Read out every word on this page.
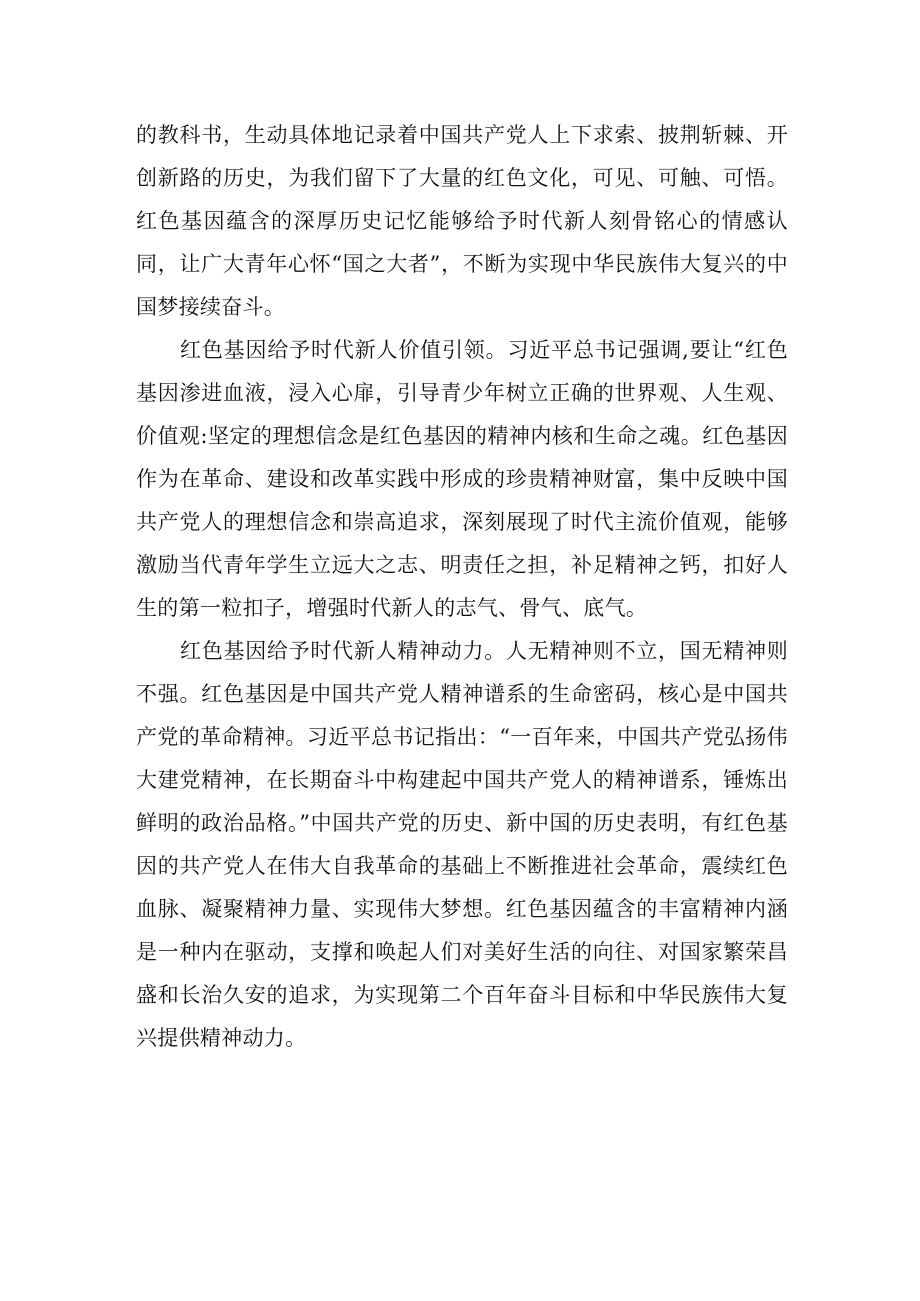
的教科书，生动具体地记录着中国共产党人上下求索、披荆斩棘、开创新路的历史，为我们留下了大量的红色文化，可见、可触、可悟。红色基因蕴含的深厚历史记忆能够给予时代新人刻骨铭心的情感认同，让广大青年心怀“国之大者”，不断为实现中华民族伟大复兴的中国梦接续奋斗。

红色基因给予时代新人价值引领。习近平总书记强调,要让“红色基因渗进血液，浸入心扉，引导青少年树立正确的世界观、人生观、价值观:坚定的理想信念是红色基因的精神内核和生命之魂。红色基因作为在革命、建设和改革实践中形成的珍贵精神财富，集中反映中国共产党人的理想信念和崇高追求，深刻展现了时代主流价值观，能够激励当代青年学生立远大之志、明责任之担，补足精神之钙，扣好人生的第一粒扣子，增强时代新人的志气、骨气、底气。

红色基因给予时代新人精神动力。人无精神则不立，国无精神则不强。红色基因是中国共产党人精神谱系的生命密码，核心是中国共产党的革命精神。习近平总书记指出：“一百年来，中国共产党弘扬伟大建党精神，在长期奋斗中构建起中国共产党人的精神谱系，锤炼出鲜明的政治品格。”中国共产党的历史、新中国的历史表明，有红色基因的共产党人在伟大自我革命的基础上不断推进社会革命，震续红色血脉、凝聚精神力量、实现伟大梦想。红色基因蕴含的丰富精神内涵是一种内在驱动，支撑和唤起人们对美好生活的向往、对国家繁荣昌盛和长治久安的追求，为实现第二个百年奋斗目标和中华民族伟大复兴提供精神动力。
